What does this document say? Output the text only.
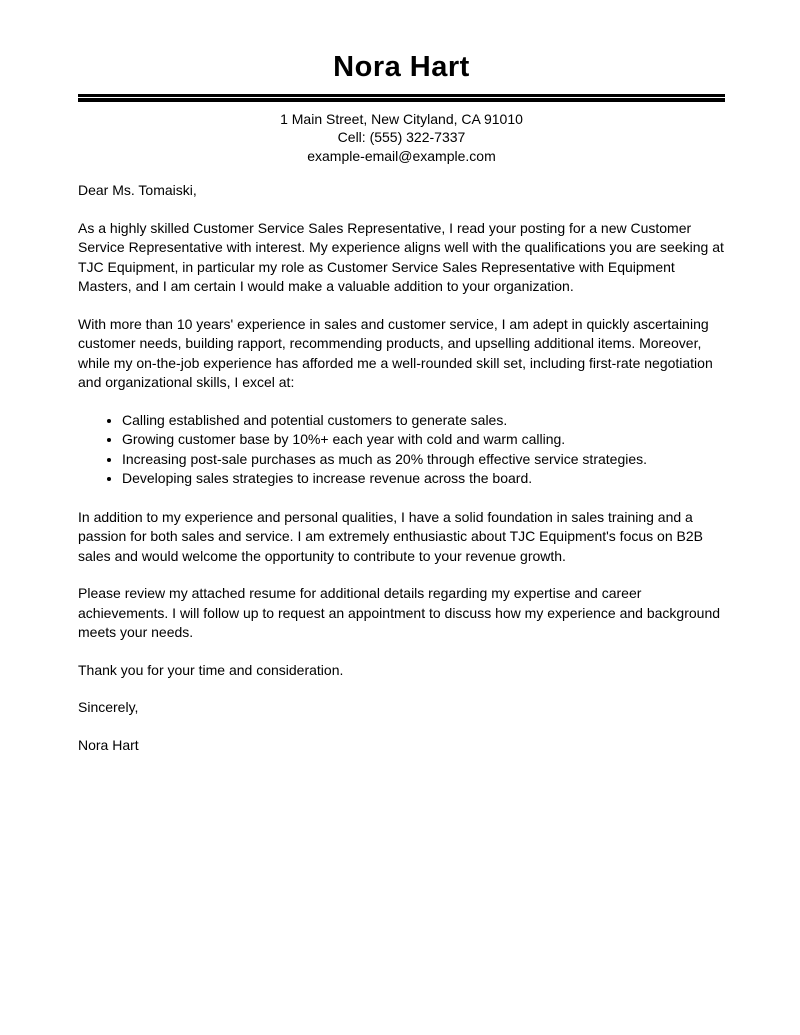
Nora Hart
1 Main Street, New Cityland, CA 91010
Cell: (555) 322-7337
example-email@example.com

Dear Ms. Tomaiski,

As a highly skilled Customer Service Sales Representative, I read your posting for a new Customer Service Representative with interest. My experience aligns well with the qualifications you are seeking at TJC Equipment, in particular my role as Customer Service Sales Representative with Equipment Masters, and I am certain I would make a valuable addition to your organization.

With more than 10 years' experience in sales and customer service, I am adept in quickly ascertaining customer needs, building rapport, recommending products, and upselling additional items. Moreover, while my on-the-job experience has afforded me a well-rounded skill set, including first-rate negotiation and organizational skills, I excel at:

• Calling established and potential customers to generate sales.
• Growing customer base by 10%+ each year with cold and warm calling.
• Increasing post-sale purchases as much as 20% through effective service strategies.
• Developing sales strategies to increase revenue across the board.

In addition to my experience and personal qualities, I have a solid foundation in sales training and a passion for both sales and service. I am extremely enthusiastic about TJC Equipment's focus on B2B sales and would welcome the opportunity to contribute to your revenue growth.

Please review my attached resume for additional details regarding my expertise and career achievements. I will follow up to request an appointment to discuss how my experience and background meets your needs.

Thank you for your time and consideration.

Sincerely,

Nora Hart
